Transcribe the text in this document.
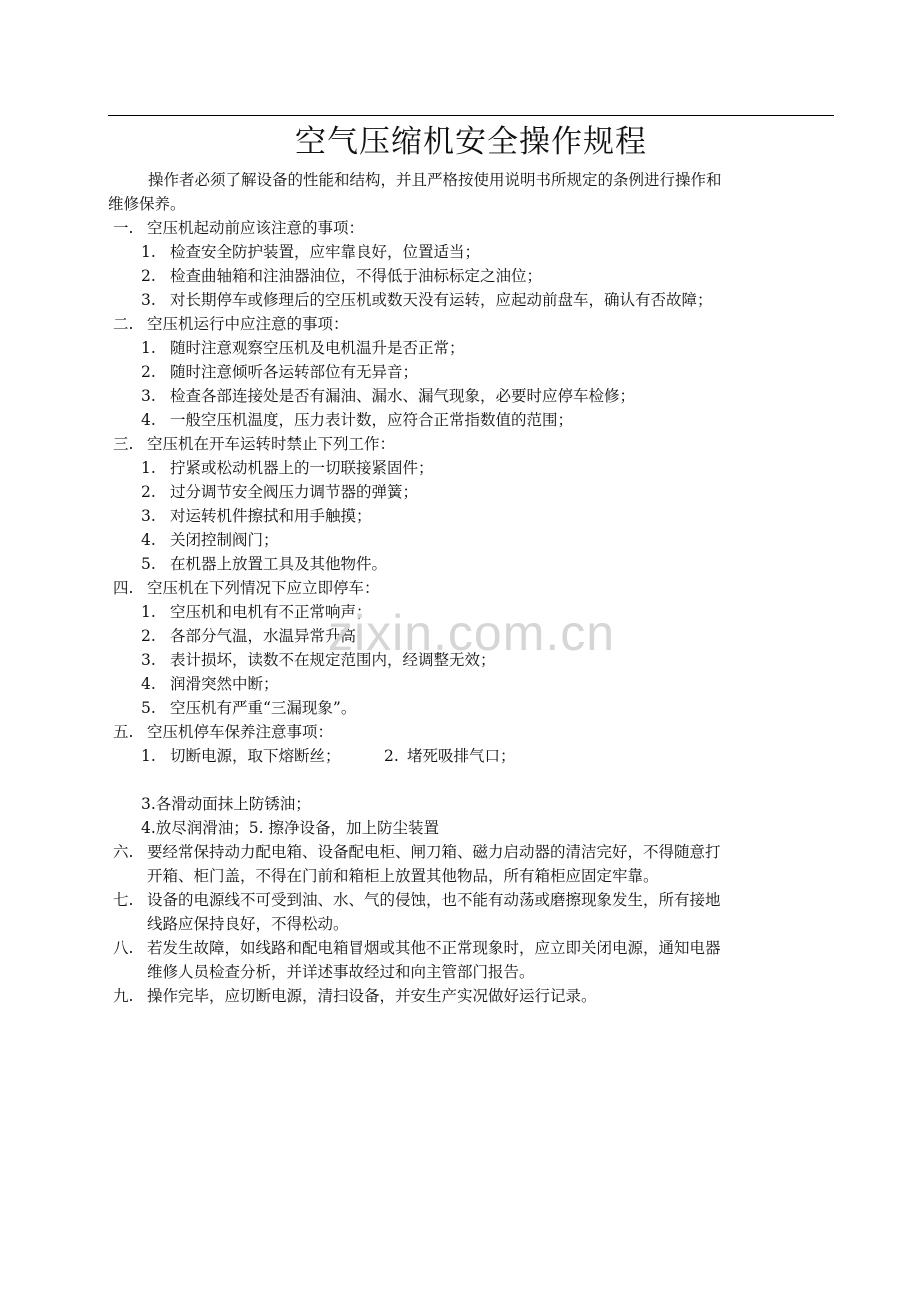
空气压缩机安全操作规程
操作者必须了解设备的性能和结构，并且严格按使用说明书所规定的条例进行操作和
维修保养。
一. 空压机起动前应该注意的事项：
1. 检查安全防护装置，应牢靠良好，位置适当；
2. 检查曲轴箱和注油器油位，不得低于油标标定之油位；
3. 对长期停车或修理后的空压机或数天没有运转，应起动前盘车，确认有否故障；
二. 空压机运行中应注意的事项：
1. 随时注意观察空压机及电机温升是否正常；
2. 随时注意倾听各运转部位有无异音；
3. 检查各部连接处是否有漏油、漏水、漏气现象，必要时应停车检修；
4. 一般空压机温度，压力表计数，应符合正常指数值的范围；
三. 空压机在开车运转时禁止下列工作：
1. 拧紧或松动机器上的一切联接紧固件；
2. 过分调节安全阀压力调节器的弹簧；
3. 对运转机件擦拭和用手触摸；
4. 关闭控制阀门；
5. 在机器上放置工具及其他物件。
四. 空压机在下列情况下应立即停车：
1. 空压机和电机有不正常响声；
2. 各部分气温，水温异常升高；
3. 表计损坏，读数不在规定范围内，经调整无效；
4. 润滑突然中断；
5. 空压机有严重“三漏现象”。
五. 空压机停车保养注意事项：
1. 切断电源，取下熔断丝；	2. 堵死吸排气口；
3.各滑动面抹上防锈油；
4.放尽润滑油；5. 擦净设备，加上防尘装置
六. 要经常保持动力配电箱、设备配电柜、闸刀箱、磁力启动器的清洁完好，不得随意打
开箱、柜门盖，不得在门前和箱柜上放置其他物品，所有箱柜应固定牢靠。
七. 设备的电源线不可受到油、水、气的侵蚀，也不能有动荡或磨擦现象发生，所有接地
线路应保持良好，不得松动。
八. 若发生故障，如线路和配电箱冒烟或其他不正常现象时，应立即关闭电源，通知电器
维修人员检查分析，并详述事故经过和向主管部门报告。
九. 操作完毕，应切断电源，清扫设备，并安生产实况做好运行记录。
zixin.com.cn
